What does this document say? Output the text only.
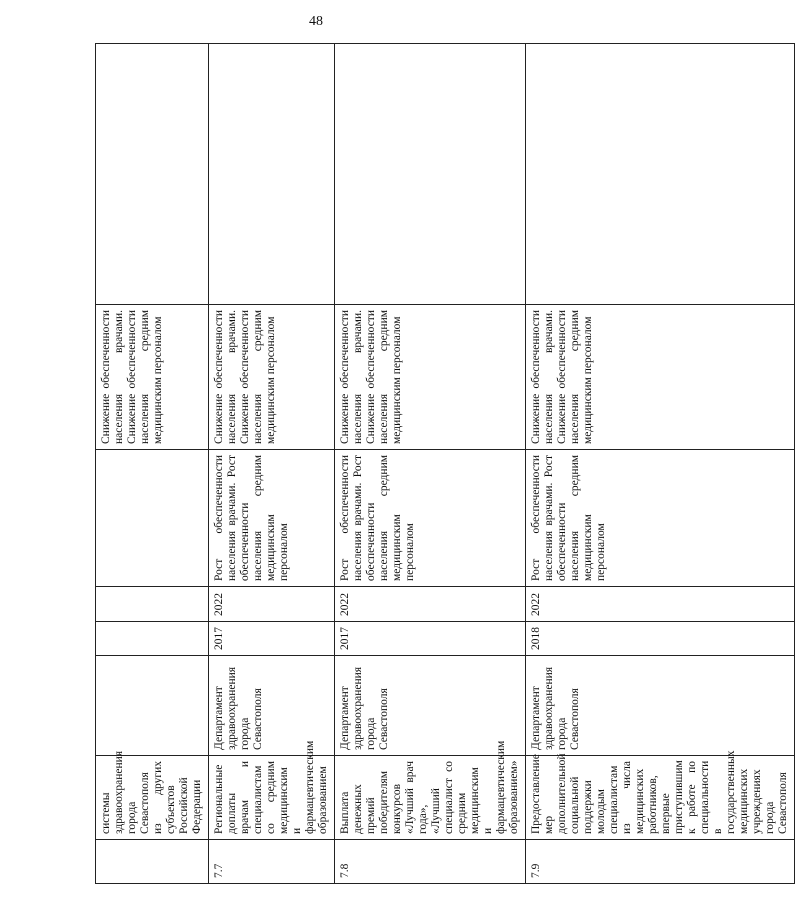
48
	системы здравоохранения города Севастополя из других субъектов Российской Федерации					Снижение обеспеченности населения врачами. Снижение обеспеченности населения средним медицинским персоналом	
7.7	Региональные доплаты врачам и специалистам со средним медицинским и фармацевтическим образованием	Департамент здравоохранения города Севастополя	2017	2022	Рост обеспеченности населения врачами. Рост обеспеченности населения средним медицинским персоналом	Снижение обеспеченности населения врачами. Снижение обеспеченности населения средним медицинским персоналом	
7.8	Выплата денежных премий победителям конкурсов «Лучший врач года», «Лучший специалист со средним медицинским и фармацевтическим образованием»	Департамент здравоохранения города Севастополя	2017	2022	Рост обеспеченности населения врачами. Рост обеспеченности населения средним медицинским персоналом	Снижение обеспеченности населения врачами. Снижение обеспеченности населения средним медицинским персоналом	
7.9	Предоставление мер дополнительной социальной поддержки молодым специалистам из числа медицинских работников, впервые приступившим к работе по специальности в государственных медицинских учреждениях города Севастополя	Департамент здравоохранения города Севастополя	2018	2022	Рост обеспеченности населения врачами. Рост обеспеченности населения средним медицинским персоналом	Снижение обеспеченности населения врачами. Снижение обеспеченности населения средним медицинским персоналом	
